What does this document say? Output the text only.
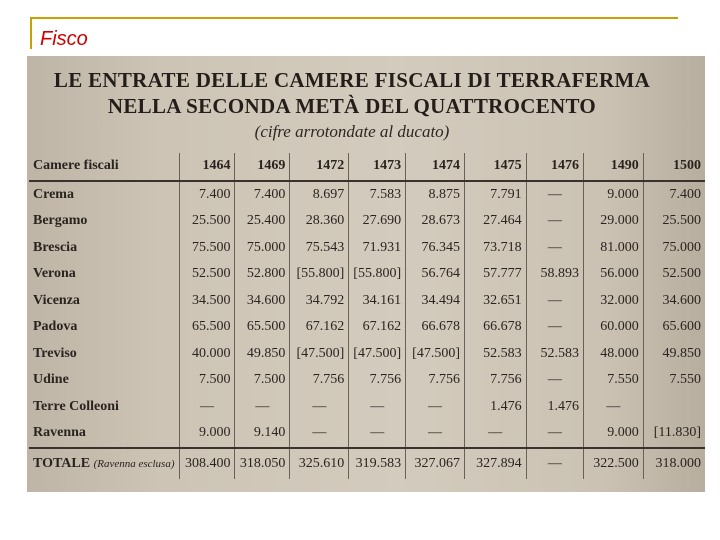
Fisco
LE ENTRATE DELLE CAMERE FISCALI DI TERRAFERMA
NELLA SECONDA METÀ DEL QUATTROCENTO
(cifre arrotondate al ducato)
Camere fiscali	1464	1469	1472	1473	1474	1475	1476	1490	1500
Crema	7.400	7.400	8.697	7.583	8.875	7.791	—	9.000	7.400
Bergamo	25.500	25.400	28.360	27.690	28.673	27.464	—	29.000	25.500
Brescia	75.500	75.000	75.543	71.931	76.345	73.718	—	81.000	75.000
Verona	52.500	52.800	[55.800]	[55.800]	56.764	57.777	58.893	56.000	52.500
Vicenza	34.500	34.600	34.792	34.161	34.494	32.651	—	32.000	34.600
Padova	65.500	65.500	67.162	67.162	66.678	66.678	—	60.000	65.600
Treviso	40.000	49.850	[47.500]	[47.500]	[47.500]	52.583	52.583	48.000	49.850
Udine	7.500	7.500	7.756	7.756	7.756	7.756	—	7.550	7.550
Terre Colleoni	—	—	—	—	—	1.476	1.476	—	
Ravenna	9.000	9.140	—	—	—	—	—	9.000	[11.830]
TOTALE (Ravenna esclusa)	308.400	318.050	325.610	319.583	327.067	327.894	—	322.500	318.000
